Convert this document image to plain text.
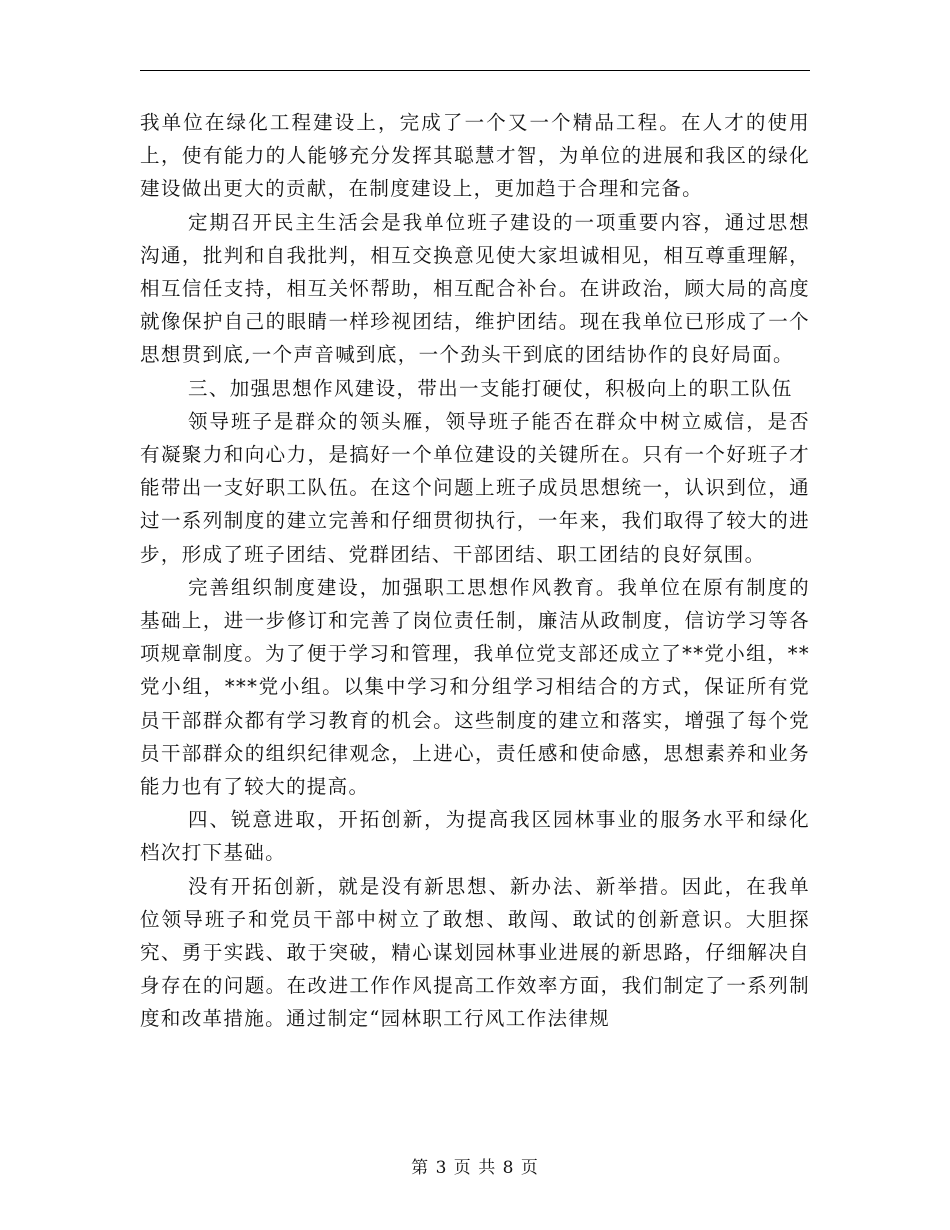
我单位在绿化工程建设上，完成了一个又一个精品工程。在人才的使用上，使有能力的人能够充分发挥其聪慧才智，为单位的进展和我区的绿化建设做出更大的贡献，在制度建设上，更加趋于合理和完备。

定期召开民主生活会是我单位班子建设的一项重要内容，通过思想沟通，批判和自我批判，相互交换意见使大家坦诚相见，相互尊重理解，相互信任支持，相互关怀帮助，相互配合补台。在讲政治，顾大局的高度就像保护自己的眼睛一样珍视团结，维护团结。现在我单位已形成了一个思想贯到底,一个声音喊到底，一个劲头干到底的团结协作的良好局面。

三、加强思想作风建设，带出一支能打硬仗，积极向上的职工队伍

领导班子是群众的领头雁，领导班子能否在群众中树立威信，是否有凝聚力和向心力，是搞好一个单位建设的关键所在。只有一个好班子才能带出一支好职工队伍。在这个问题上班子成员思想统一，认识到位，通过一系列制度的建立完善和仔细贯彻执行，一年来，我们取得了较大的进步，形成了班子团结、党群团结、干部团结、职工团结的良好氛围。

完善组织制度建设，加强职工思想作风教育。我单位在原有制度的基础上，进一步修订和完善了岗位责任制，廉洁从政制度，信访学习等各项规章制度。为了便于学习和管理，我单位党支部还成立了**党小组，**党小组，***党小组。以集中学习和分组学习相结合的方式，保证所有党员干部群众都有学习教育的机会。这些制度的建立和落实，增强了每个党员干部群众的组织纪律观念，上进心，责任感和使命感，思想素养和业务能力也有了较大的提高。

四、锐意进取，开拓创新，为提高我区园林事业的服务水平和绿化档次打下基础。

没有开拓创新，就是没有新思想、新办法、新举措。因此，在我单位领导班子和党员干部中树立了敢想、敢闯、敢试的创新意识。大胆探究、勇于实践、敢于突破，精心谋划园林事业进展的新思路，仔细解决自身存在的问题。在改进工作作风提高工作效率方面，我们制定了一系列制度和改革措施。通过制定“园林职工行风工作法律规

第 3 页 共 8 页
